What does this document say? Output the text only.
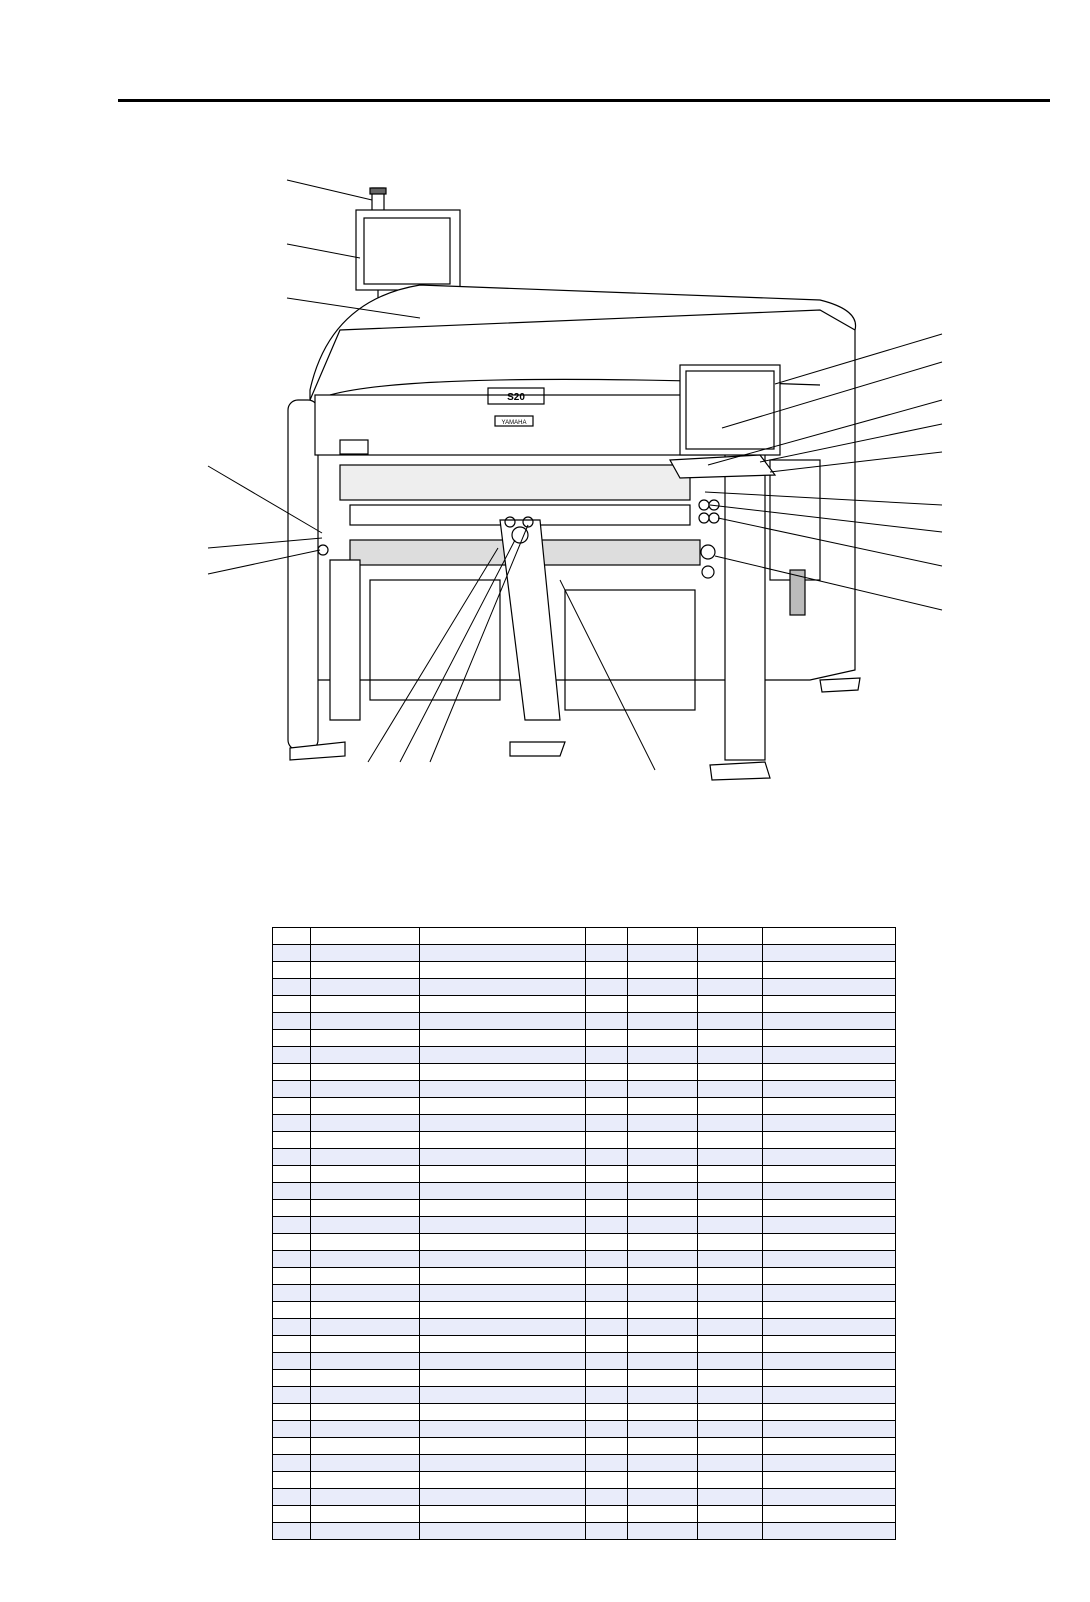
S20
YAMAHA
